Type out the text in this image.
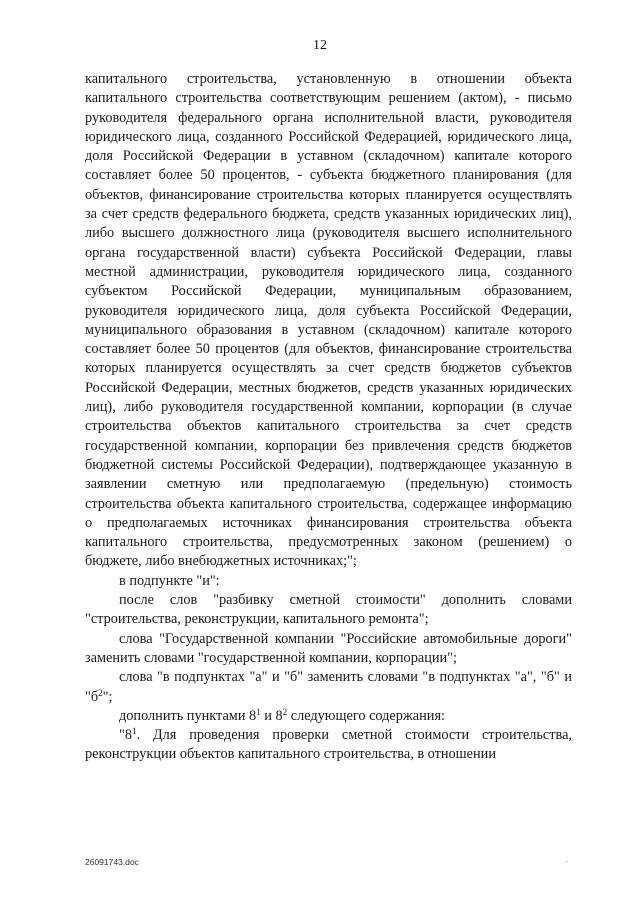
12

капитального строительства, установленную в отношении объекта капитального строительства соответствующим решением (актом), - письмо руководителя федерального органа исполнительной власти, руководителя юридического лица, созданного Российской Федерацией, юридического лица, доля Российской Федерации в уставном (складочном) капитале которого составляет более 50 процентов, - субъекта бюджетного планирования (для объектов, финансирование строительства которых планируется осуществлять за счет средств федерального бюджета, средств указанных юридических лиц), либо высшего должностного лица (руководителя высшего исполнительного органа государственной власти) субъекта Российской Федерации, главы местной администрации, руководителя юридического лица, созданного субъектом Российской Федерации, муниципальным образованием, руководителя юридического лица, доля субъекта Российской Федерации, муниципального образования в уставном (складочном) капитале которого составляет более 50 процентов (для объектов, финансирование строительства которых планируется осуществлять за счет средств бюджетов субъектов Российской Федерации, местных бюджетов, средств указанных юридических лиц), либо руководителя государственной компании, корпорации (в случае строительства объектов капитального строительства за счет средств государственной компании, корпорации без привлечения средств бюджетов бюджетной системы Российской Федерации), подтверждающее указанную в заявлении сметную или предполагаемую (предельную) стоимость строительства объекта капитального строительства, содержащее информацию о предполагаемых источниках финансирования строительства объекта капитального строительства, предусмотренных законом (решением) о бюджете, либо внебюджетных источниках;";

в подпункте "и":

после слов "разбивку сметной стоимости" дополнить словами "строительства, реконструкции, капитального ремонта";

слова "Государственной компании "Российские автомобильные дороги" заменить словами "государственной компании, корпорации";

слова "в подпунктах "а" и "б" заменить словами "в подпунктах "а", "б" и "$б^2$";

дополнить пунктами $8^1$ и $8^2$ следующего содержания:

"$8^1$. Для проведения проверки сметной стоимости строительства, реконструкции объектов капитального строительства, в отношении

26091743.doc	.
